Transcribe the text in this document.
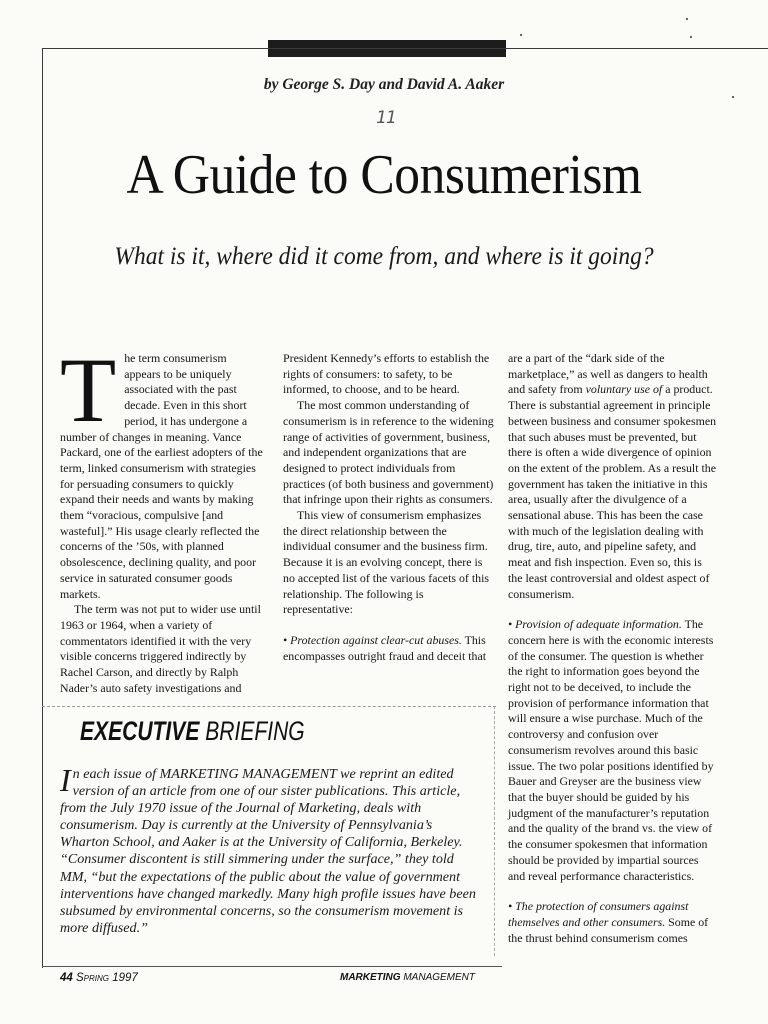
by George S. Day and David A. Aaker
11
A Guide to Consumerism
What is it, where did it come from, and where is it going?
T he term consumerism appears to be uniquely associated with the past decade. Even in this short period, it has undergone a number of changes in meaning. Vance Packard, one of the earliest adopters of the term, linked consumerism with strategies for persuading consumers to quickly expand their needs and wants by making them “voracious, compulsive [and wasteful].” His usage clearly reflected the concerns of the ’50s, with planned obsolescence, declining quality, and poor service in saturated consumer goods markets.

The term was not put to wider use until 1963 or 1964, when a variety of commentators identified it with the very visible concerns triggered indirectly by Rachel Carson, and directly by Ralph Nader’s auto safety investigations and

President Kennedy’s efforts to establish the rights of consumers: to safety, to be informed, to choose, and to be heard.

The most common understanding of consumerism is in reference to the widening range of activities of government, business, and independent organizations that are designed to protect individuals from practices (of both business and government) that infringe upon their rights as consumers.

This view of consumerism emphasizes the direct relationship between the individual consumer and the business firm. Because it is an evolving concept, there is no accepted list of the various facets of this relationship. The following is representative:

• Protection against clear-cut abuses. This encompasses outright fraud and deceit that

are a part of the “dark side of the marketplace,” as well as dangers to health and safety from voluntary use of a product. There is substantial agreement in principle between business and consumer spokesmen that such abuses must be prevented, but there is often a wide divergence of opinion on the extent of the problem. As a result the government has taken the initiative in this area, usually after the divulgence of a sensational abuse. This has been the case with much of the legislation dealing with drug, tire, auto, and pipeline safety, and meat and fish inspection. Even so, this is the least controversial and oldest aspect of consumerism.

• Provision of adequate information. The concern here is with the economic interests of the consumer. The question is whether the right to information goes beyond the right not to be deceived, to include the provision of performance information that will ensure a wise purchase. Much of the controversy and confusion over consumerism revolves around this basic issue. The two polar positions identified by Bauer and Greyser are the business view that the buyer should be guided by his judgment of the manufacturer’s reputation and the quality of the brand vs. the view of the consumer spokesmen that information should be provided by impartial sources and reveal performance characteristics.

• The protection of consumers against themselves and other consumers. Some of the thrust behind consumerism comes

EXECUTIVE BRIEFING
In each issue of MARKETING MANAGEMENT we reprint an edited version of an article from one of our sister publications. This article, from the July 1970 issue of the Journal of Marketing, deals with consumerism. Day is currently at the University of Pennsylvania’s Wharton School, and Aaker is at the University of California, Berkeley. “Consumer discontent is still simmering under the surface,” they told MM, “but the expectations of the public about the value of government interventions have changed markedly. Many high profile issues have been subsumed by environmental concerns, so the consumerism movement is more diffused.”
44 Spring 1997	MARKETING MANAGEMENT
